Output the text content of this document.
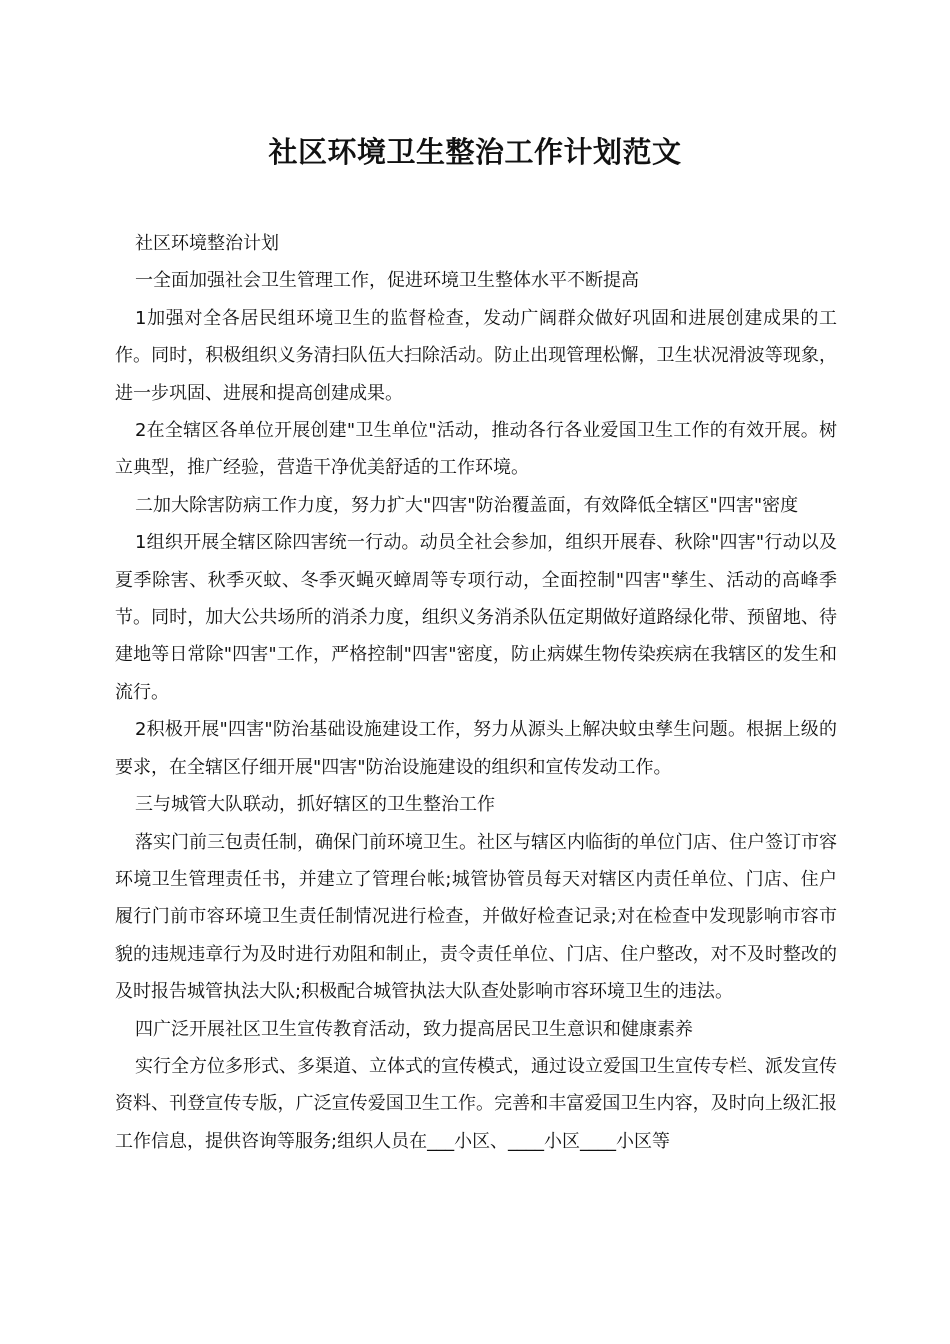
社区环境卫生整治工作计划范文

社区环境整治计划

一全面加强社会卫生管理工作，促进环境卫生整体水平不断提高

1加强对全各居民组环境卫生的监督检查，发动广阔群众做好巩固和进展创建成果的工作。同时，积极组织义务清扫队伍大扫除活动。防止出现管理松懈，卫生状况滑波等现象，进一步巩固、进展和提高创建成果。

2在全辖区各单位开展创建"卫生单位"活动，推动各行各业爱国卫生工作的有效开展。树立典型，推广经验，营造干净优美舒适的工作环境。

二加大除害防病工作力度，努力扩大"四害"防治覆盖面，有效降低全辖区"四害"密度

1组织开展全辖区除四害统一行动。动员全社会参加，组织开展春、秋除"四害"行动以及夏季除害、秋季灭蚊、冬季灭蝇灭蟑周等专项行动，全面控制"四害"孳生、活动的高峰季节。同时，加大公共场所的消杀力度，组织义务消杀队伍定期做好道路绿化带、预留地、待建地等日常除"四害"工作，严格控制"四害"密度，防止病媒生物传染疾病在我辖区的发生和流行。

2积极开展"四害"防治基础设施建设工作，努力从源头上解决蚊虫孳生问题。根据上级的要求，在全辖区仔细开展"四害"防治设施建设的组织和宣传发动工作。

三与城管大队联动，抓好辖区的卫生整治工作

落实门前三包责任制，确保门前环境卫生。社区与辖区内临街的单位门店、住户签订市容环境卫生管理责任书，并建立了管理台帐;城管协管员每天对辖区内责任单位、门店、住户履行门前市容环境卫生责任制情况进行检查，并做好检查记录;对在检查中发现影响市容市貌的违规违章行为及时进行劝阻和制止，责令责任单位、门店、住户整改，对不及时整改的及时报告城管执法大队;积极配合城管执法大队查处影响市容环境卫生的违法。

四广泛开展社区卫生宣传教育活动，致力提高居民卫生意识和健康素养

实行全方位多形式、多渠道、立体式的宣传模式，通过设立爱国卫生宣传专栏、派发宣传资料、刊登宣传专版，广泛宣传爱国卫生工作。完善和丰富爱国卫生内容，及时向上级汇报工作信息，提供咨询等服务;组织人员在___小区、____小区____小区等
